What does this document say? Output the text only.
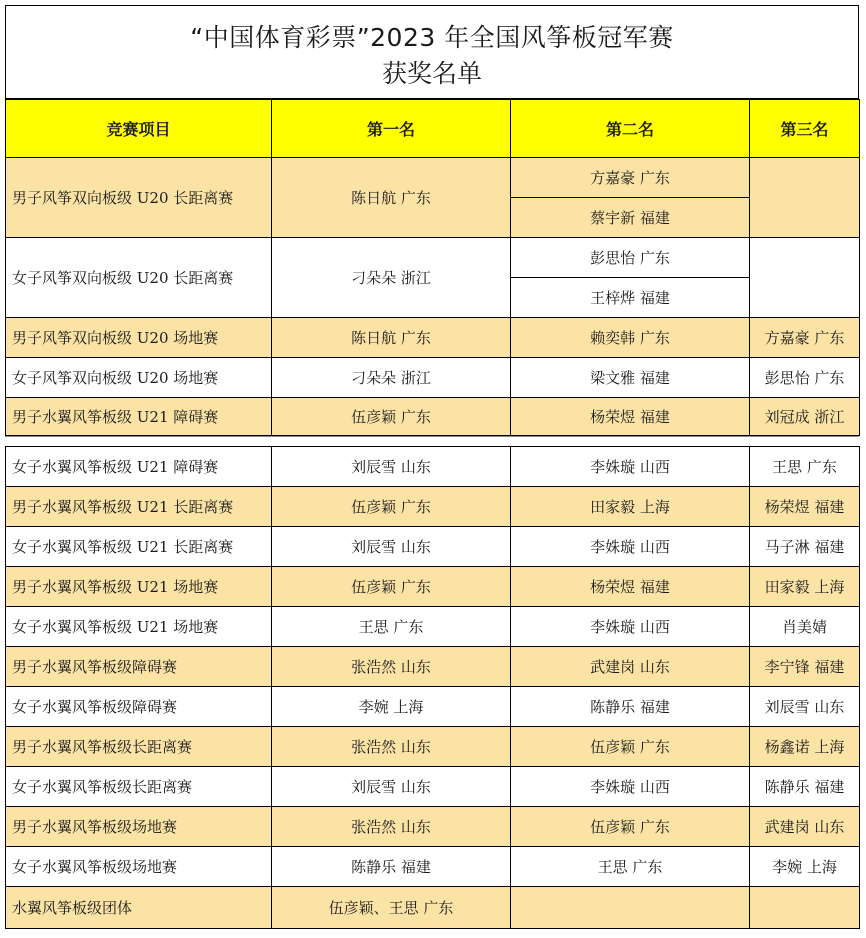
“中国体育彩票”2023 年全国风筝板冠军赛
获奖名单
竞赛项目	第一名	第二名	第三名
男子风筝双向板级 U20 长距离赛	陈日航 广东	方嘉豪 广东	
		蔡宇新 福建	
女子风筝双向板级 U20 长距离赛	刁朵朵 浙江	彭思怡 广东	
		王梓烨 福建	
男子风筝双向板级 U20 场地赛	陈日航 广东	赖奕韩 广东	方嘉豪 广东
女子风筝双向板级 U20 场地赛	刁朵朵 浙江	梁文雅 福建	彭思怡 广东
男子水翼风筝板级 U21 障碍赛	伍彦颖 广东	杨荣煜 福建	刘冠成 浙江
女子水翼风筝板级 U21 障碍赛	刘辰雪 山东	李姝璇 山西	王思 广东
男子水翼风筝板级 U21 长距离赛	伍彦颖 广东	田家毅 上海	杨荣煜 福建
女子水翼风筝板级 U21 长距离赛	刘辰雪 山东	李姝璇 山西	马子淋 福建
男子水翼风筝板级 U21 场地赛	伍彦颖 广东	杨荣煜 福建	田家毅 上海
女子水翼风筝板级 U21 场地赛	王思 广东	李姝璇 山西	肖美婧
男子水翼风筝板级障碍赛	张浩然 山东	武建岗 山东	李宁锋 福建
女子水翼风筝板级障碍赛	李婉 上海	陈静乐 福建	刘辰雪 山东
男子水翼风筝板级长距离赛	张浩然 山东	伍彦颖 广东	杨鑫诺 上海
女子水翼风筝板级长距离赛	刘辰雪 山东	李姝璇 山西	陈静乐 福建
男子水翼风筝板级场地赛	张浩然 山东	伍彦颖 广东	武建岗 山东
女子水翼风筝板级场地赛	陈静乐 福建	王思 广东	李婉 上海
水翼风筝板级团体	伍彦颖、王思 广东		
